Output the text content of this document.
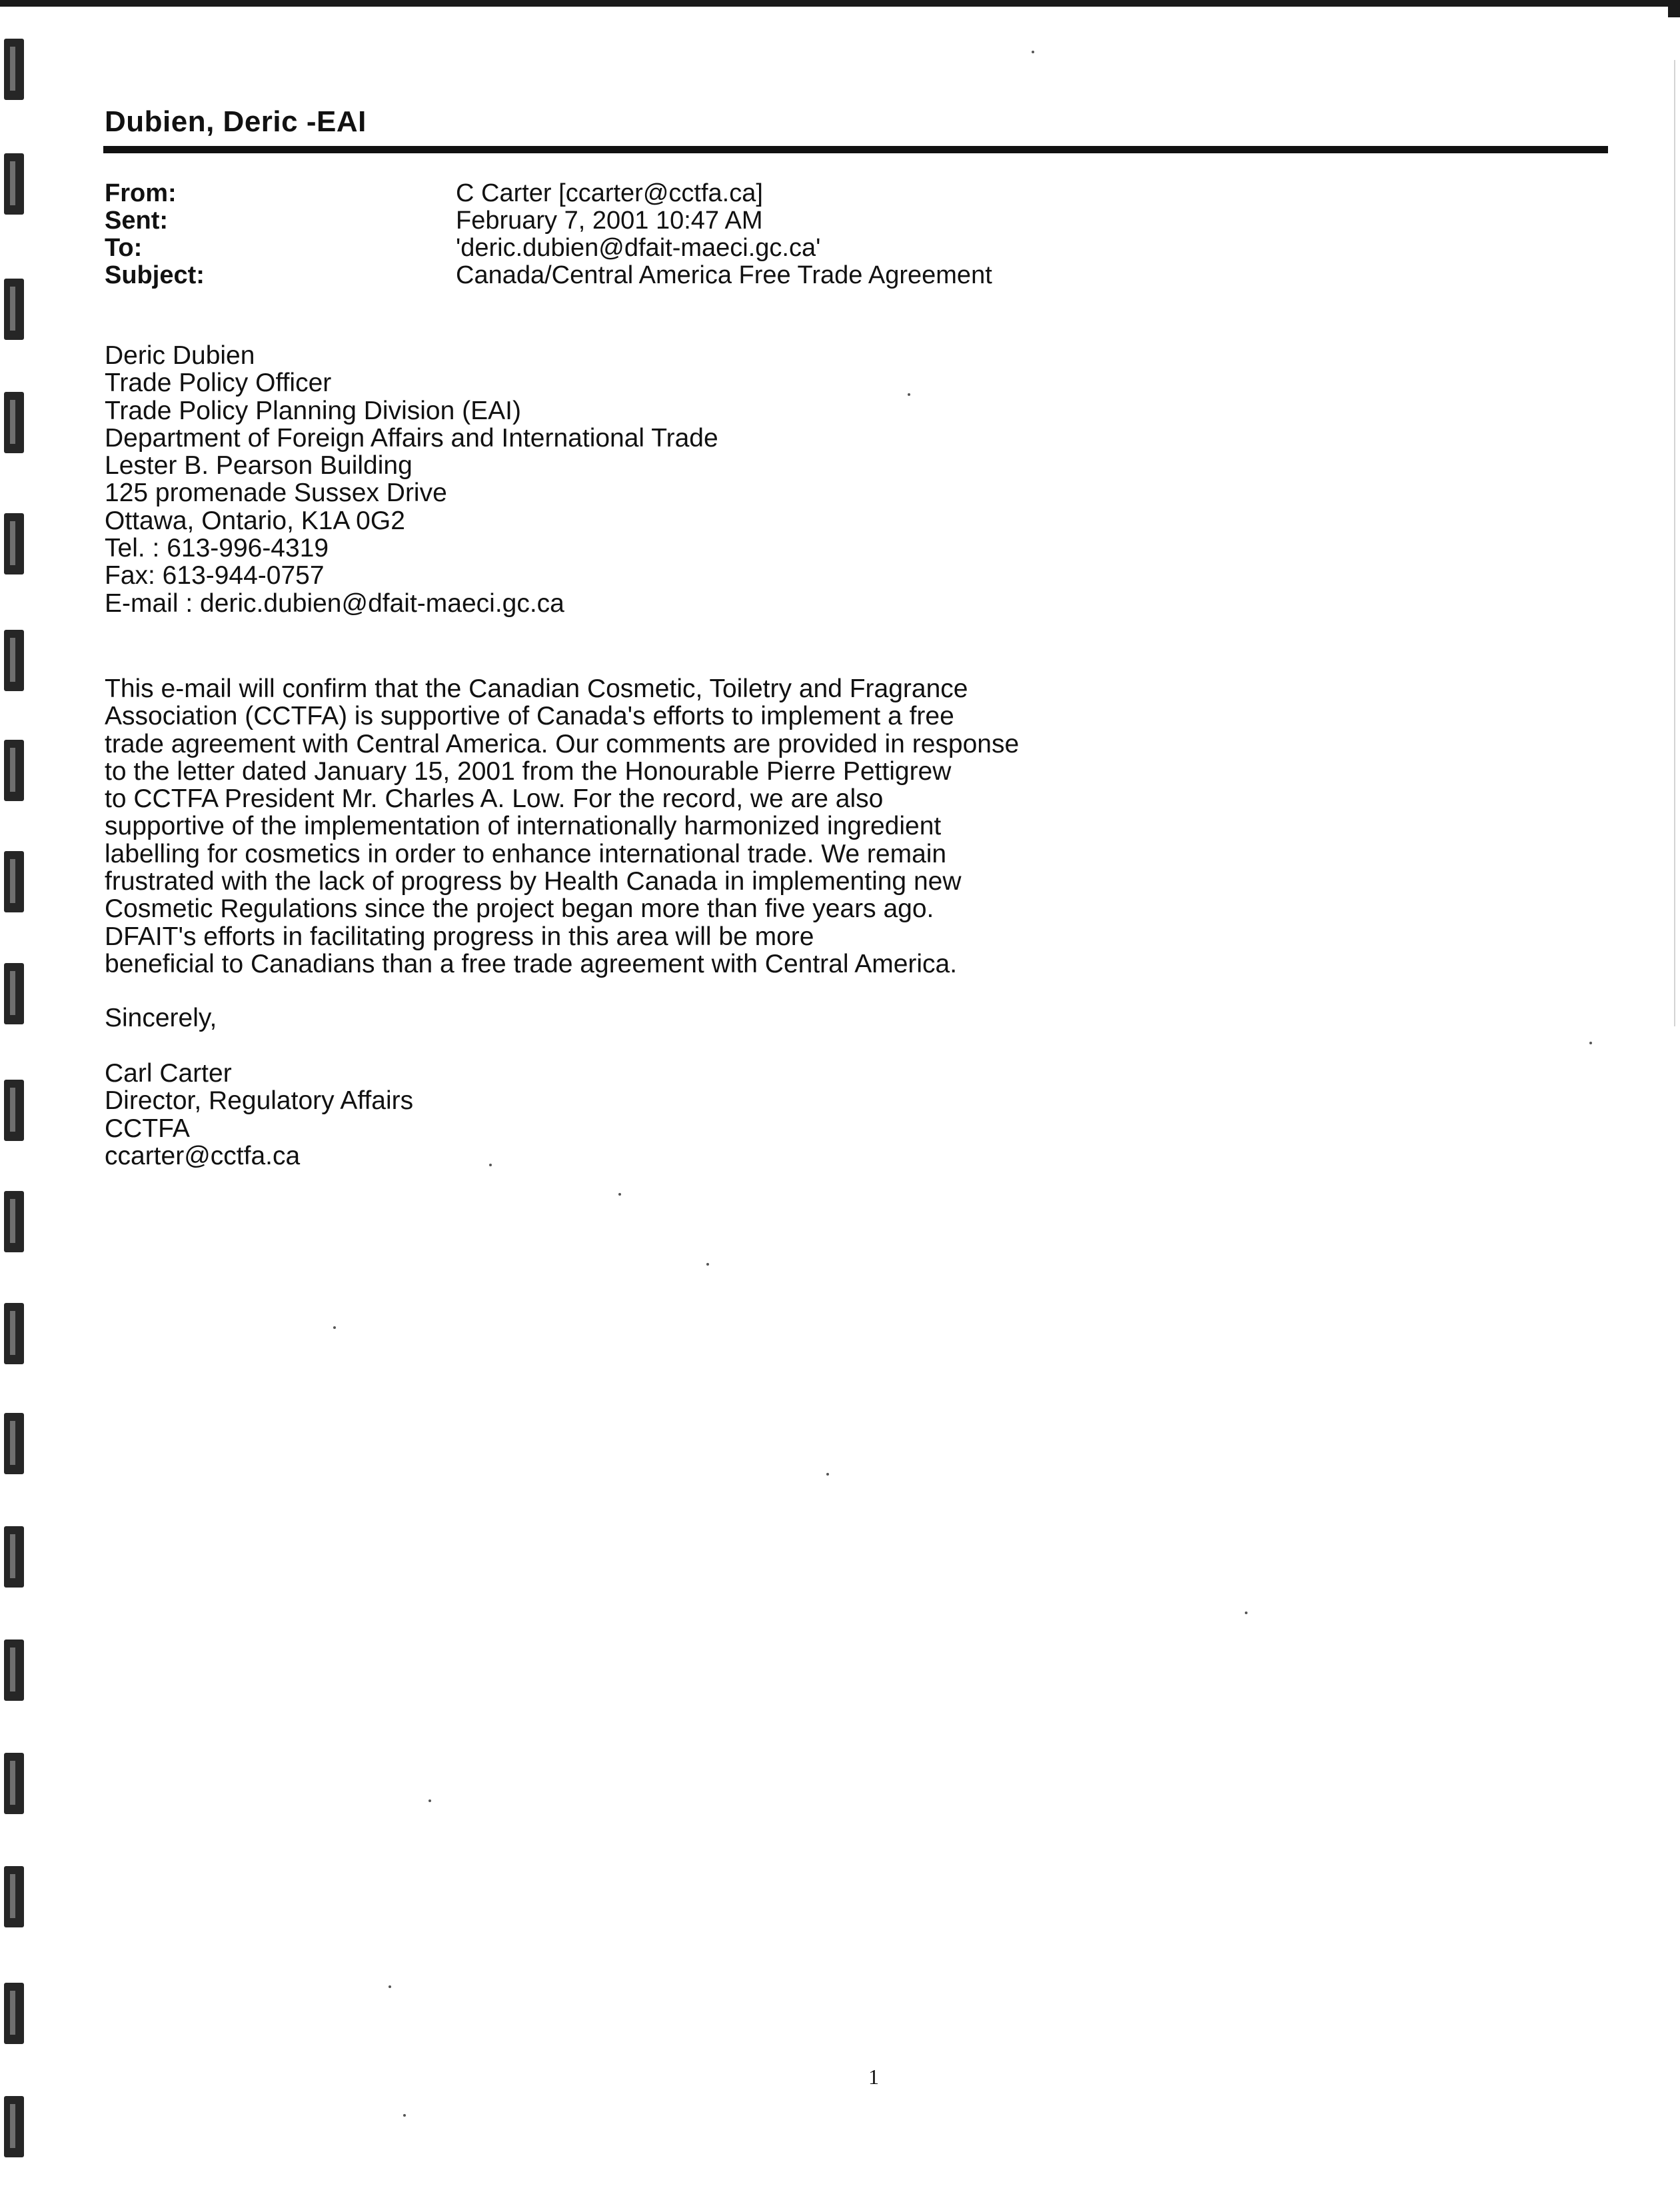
Dubien, Deric -EAI
From:	C Carter [ccarter@cctfa.ca]
Sent:	February 7, 2001 10:47 AM
To:	'deric.dubien@dfait-maeci.gc.ca'
Subject:	Canada/Central America Free Trade Agreement
Deric Dubien
Trade Policy Officer
Trade Policy Planning Division (EAI)
Department of Foreign Affairs and International Trade
Lester B. Pearson Building
125 promenade Sussex Drive
Ottawa, Ontario, K1A 0G2
Tel. : 613-996-4319
Fax: 613-944-0757
E-mail : deric.dubien@dfait-maeci.gc.ca
This e-mail will confirm that the Canadian Cosmetic, Toiletry and Fragrance
Association (CCTFA) is supportive of Canada's efforts to implement a free
trade agreement with Central America. Our comments are provided in response
to the letter dated January 15, 2001 from the Honourable Pierre Pettigrew
to CCTFA President Mr. Charles A. Low. For the record, we are also
supportive of the implementation of internationally harmonized ingredient
labelling for cosmetics in order to enhance international trade. We remain
frustrated with the lack of progress by Health Canada in implementing new
Cosmetic Regulations since the project began more than five years ago.
DFAIT's efforts in facilitating progress in this area will be more
beneficial to Canadians than a free trade agreement with Central America.
Sincerely,
Carl Carter
Director, Regulatory Affairs
CCTFA
ccarter@cctfa.ca
1
